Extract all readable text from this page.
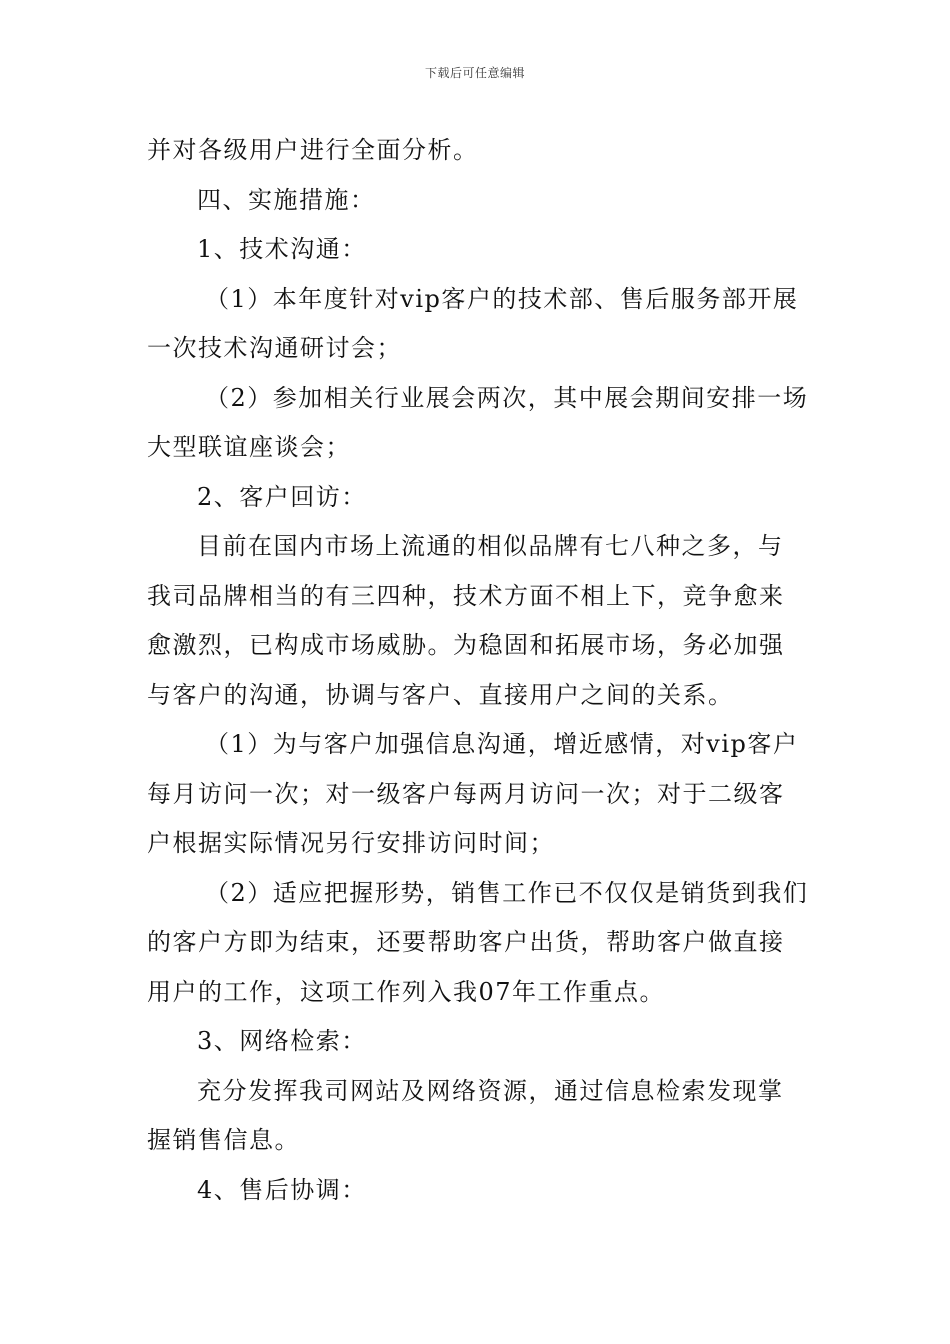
下载后可任意编辑
并对各级用户进行全面分析。
四、实施措施：
1、技术沟通：
（1）本年度针对vip客户的技术部、售后服务部开展
一次技术沟通研讨会；
（2）参加相关行业展会两次，其中展会期间安排一场
大型联谊座谈会；
2、客户回访：
目前在国内市场上流通的相似品牌有七八种之多，与
我司品牌相当的有三四种，技术方面不相上下，竞争愈来
愈激烈，已构成市场威胁。为稳固和拓展市场，务必加强
与客户的沟通，协调与客户、直接用户之间的关系。
（1）为与客户加强信息沟通，增近感情，对vip客户
每月访问一次；对一级客户每两月访问一次；对于二级客
户根据实际情况另行安排访问时间；
（2）适应把握形势，销售工作已不仅仅是销货到我们
的客户方即为结束，还要帮助客户出货，帮助客户做直接
用户的工作，这项工作列入我07年工作重点。
3、网络检索：
充分发挥我司网站及网络资源，通过信息检索发现掌
握销售信息。
4、售后协调：
